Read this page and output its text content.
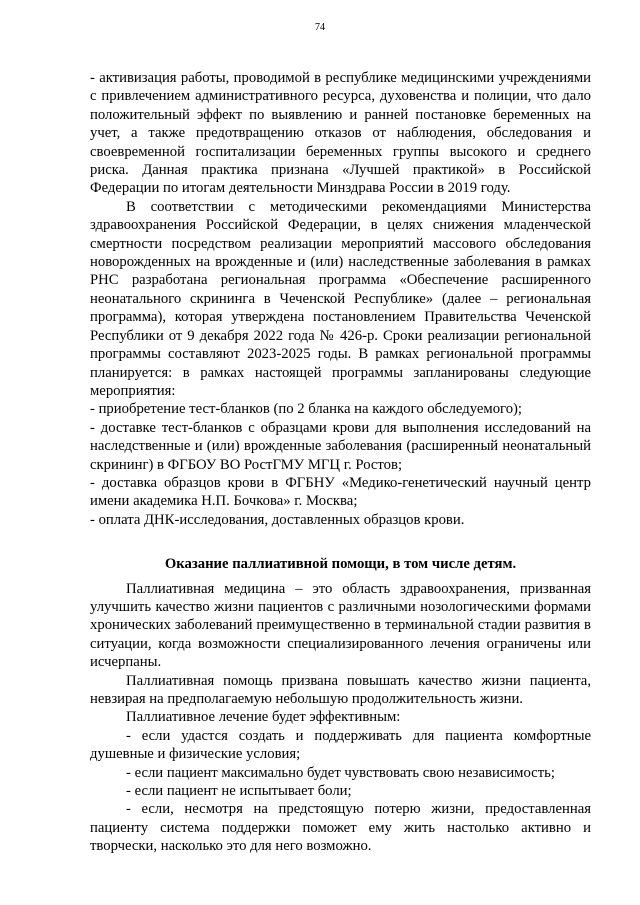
74

- активизация работы, проводимой в республике медицинскими учреждениями с привлечением административного ресурса, духовенства и полиции, что дало положительный эффект по выявлению и ранней постановке беременных на учет, а также предотвращению отказов от наблюдения, обследования и своевременной госпитализации беременных группы высокого и среднего риска. Данная практика признана «Лучшей практикой» в Российской Федерации по итогам деятельности Минздрава России в 2019 году.

В соответствии с методическими рекомендациями Министерства здравоохранения Российской Федерации, в целях снижения младенческой смертности посредством реализации мероприятий массового обследования новорожденных на врожденные и (или) наследственные заболевания в рамках РНС разработана региональная программа «Обеспечение расширенного неонатального скрининга в Чеченской Республике» (далее – региональная программа), которая утверждена постановлением Правительства Чеченской Республики от 9 декабря 2022 года № 426-р. Сроки реализации региональной программы составляют 2023-2025 годы. В рамках региональной программы планируется: в рамках настоящей программы запланированы следующие мероприятия:

- приобретение тест-бланков (по 2 бланка на каждого обследуемого);

- доставке тест-бланков с образцами крови для выполнения исследований на наследственные и (или) врожденные заболевания (расширенный неонатальный скрининг) в ФГБОУ ВО РостГМУ МГЦ г. Ростов;

- доставка образцов крови в ФГБНУ «Медико-генетический научный центр имени академика Н.П. Бочкова» г. Москва;

- оплата ДНК-исследования, доставленных образцов крови.

Оказание паллиативной помощи, в том числе детям.

Паллиативная медицина – это область здравоохранения, призванная улучшить качество жизни пациентов с различными нозологическими формами хронических заболеваний преимущественно в терминальной стадии развития в ситуации, когда возможности специализированного лечения ограничены или исчерпаны.

Паллиативная помощь призвана повышать качество жизни пациента, невзирая на предполагаемую небольшую продолжительность жизни.

Паллиативное лечение будет эффективным:

- если удастся создать и поддерживать для пациента комфортные душевные и физические условия;

- если пациент максимально будет чувствовать свою независимость;

- если пациент не испытывает боли;

- если, несмотря на предстоящую потерю жизни, предоставленная пациенту система поддержки поможет ему жить настолько активно и творчески, насколько это для него возможно.
